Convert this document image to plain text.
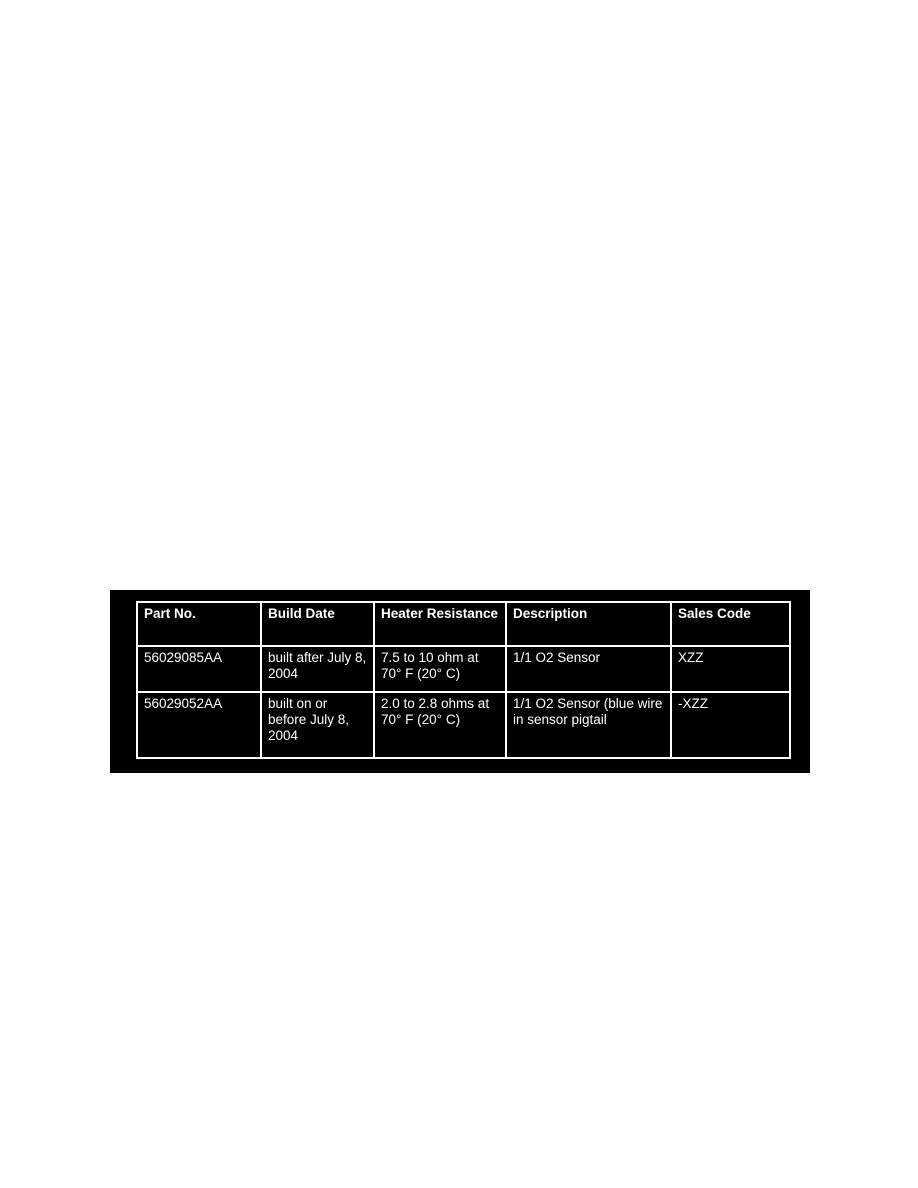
Part No.	Build Date	Heater Resistance	Description	Sales Code
56029085AA	built after July 8, 2004	7.5 to 10 ohm at 70° F (20° C)	1/1 O2 Sensor	XZZ
56029052AA	built on or before July 8, 2004	2.0 to 2.8 ohms at 70° F (20° C)	1/1 O2 Sensor (blue wire in sensor pigtail	-XZZ
